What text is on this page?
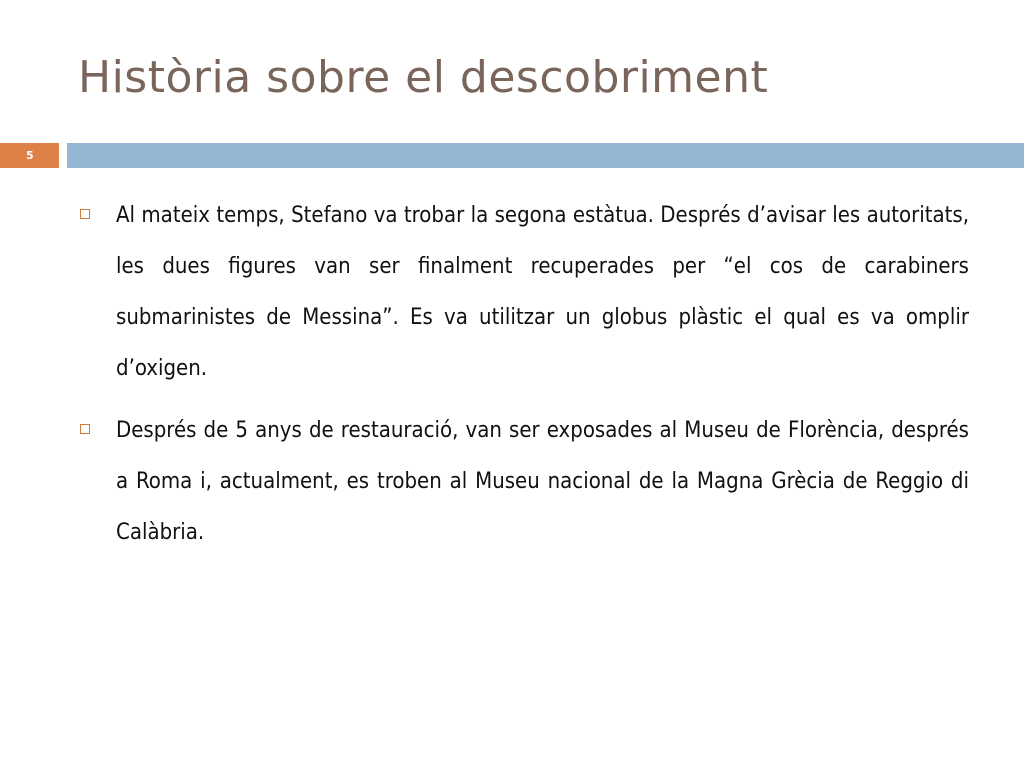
Història sobre el descobriment
5
Al mateix temps, Stefano va trobar la segona estàtua. Després d’avisar les autoritats, les dues figures van ser finalment recuperades per “el cos de carabiners submarinistes de Messina”. Es va utilitzar un globus plàstic el qual es va omplir d’oxigen.
Després de 5 anys de restauració, van ser exposades al Museu de Florència, després a Roma i, actualment, es troben al Museu nacional de la Magna Grècia de Reggio di Calàbria.
